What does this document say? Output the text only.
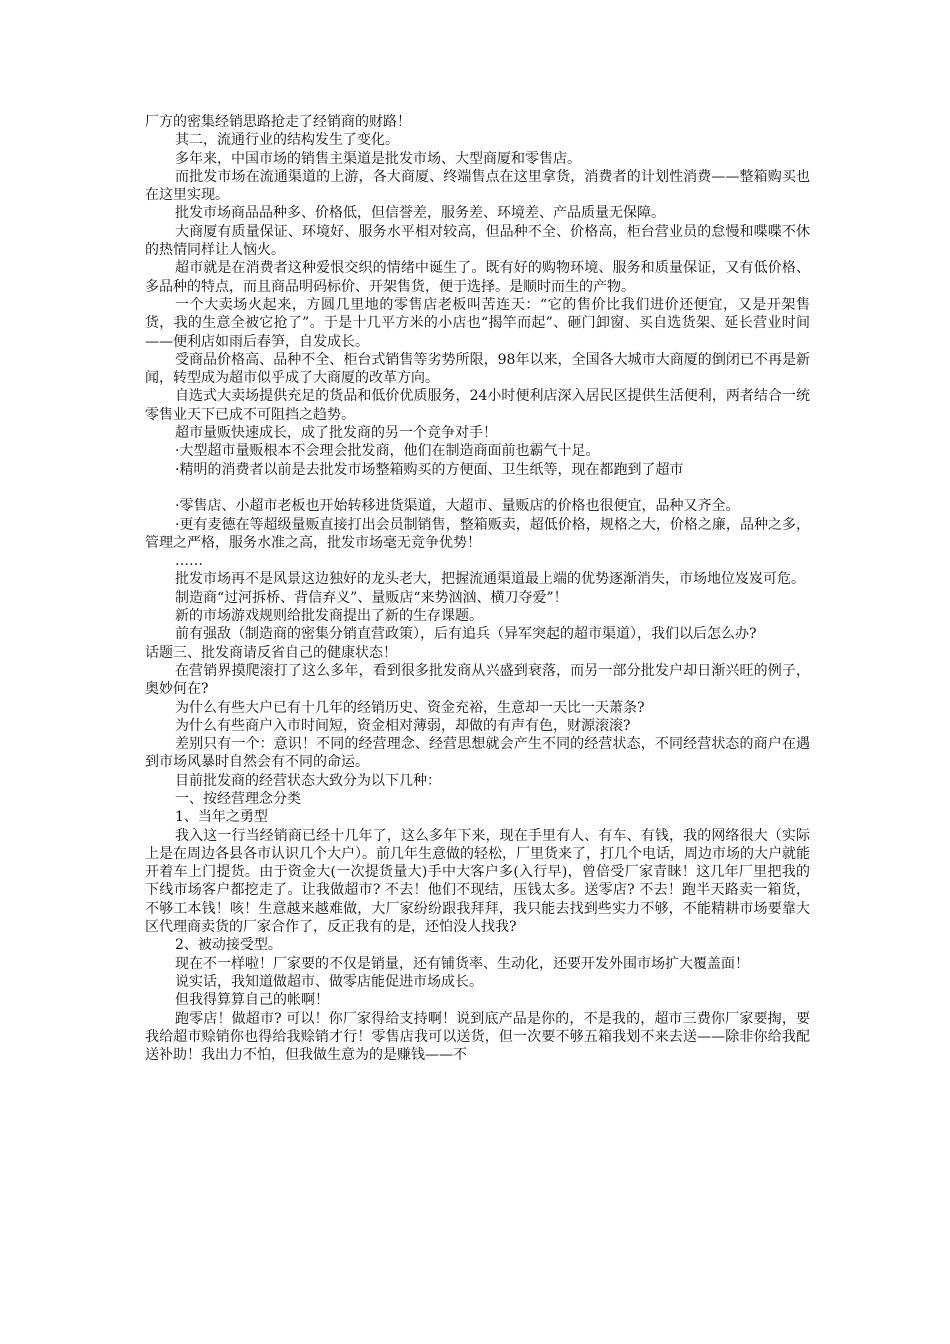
厂方的密集经销思路抢走了经销商的财路！

其二，流通行业的结构发生了变化。

多年来，中国市场的销售主渠道是批发市场、大型商厦和零售店。

而批发市场在流通渠道的上游，各大商厦、终端售点在这里拿货，消费者的计划性消费——整箱购买也在这里实现。

批发市场商品品种多、价格低，但信誉差，服务差、环境差、产品质量无保障。

大商厦有质量保证、环境好、服务水平相对较高，但品种不全、价格高，柜台营业员的怠慢和喋喋不休的热情同样让人恼火。

超市就是在消费者这种爱恨交织的情绪中诞生了。既有好的购物环境、服务和质量保证，又有低价格、多品种的特点，而且商品明码标价、开架售货，便于选择。是顺时而生的产物。

一个大卖场火起来，方圆几里地的零售店老板叫苦连天：“它的售价比我们进价还便宜，又是开架售货，我的生意全被它抢了”。于是十几平方米的小店也“揭竿而起”、砸门卸窗、买自选货架、延长营业时间——便利店如雨后春笋，自发成长。

受商品价格高、品种不全、柜台式销售等劣势所限，98年以来，全国各大城市大商厦的倒闭已不再是新闻，转型成为超市似乎成了大商厦的改革方向。

自选式大卖场提供充足的货品和低价优质服务，24小时便利店深入居民区提供生活便利，两者结合一统零售业天下已成不可阻挡之趋势。

超市量贩快速成长，成了批发商的另一个竞争对手！

·大型超市量贩根本不会理会批发商，他们在制造商面前也霸气十足。

·精明的消费者以前是去批发市场整箱购买的方便面、卫生纸等，现在都跑到了超市

·零售店、小超市老板也开始转移进货渠道，大超市、量贩店的价格也很便宜，品种又齐全。

·更有麦德在等超级量贩直接打出会员制销售，整箱贩卖，超低价格，规格之大，价格之廉，品种之多，管理之严格，服务水准之高，批发市场毫无竞争优势！

……

批发市场再不是风景这边独好的龙头老大，把握流通渠道最上端的优势逐渐消失，市场地位岌岌可危。

制造商“过河拆桥、背信弃义”、量贩店“来势汹汹、横刀夺爱”！

新的市场游戏规则给批发商提出了新的生存课题。

前有强敌（制造商的密集分销直营政策），后有追兵（异军突起的超市渠道），我们以后怎么办?

话题三、批发商请反省自己的健康状态！

在营销界摸爬滚打了这么多年，看到很多批发商从兴盛到衰落，而另一部分批发户却日渐兴旺的例子，奥妙何在?

为什么有些大户已有十几年的经销历史、资金充裕，生意却一天比一天萧条?

为什么有些商户入市时间短，资金相对薄弱，却做的有声有色，财源滚滚?

差别只有一个：意识！不同的经营理念、经营思想就会产生不同的经营状态，不同经营状态的商户在遇到市场风暴时自然会有不同的命运。

目前批发商的经营状态大致分为以下几种：

一、按经营理念分类

1、当年之勇型

我入这一行当经销商已经十几年了，这么多年下来，现在手里有人、有车、有钱，我的网络很大（实际上是在周边各县各市认识几个大户）。前几年生意做的轻松，厂里货来了，打几个电话，周边市场的大户就能开着车上门提货。由于资金大(一次提货量大)手中大客户多(入行早)，曾倍受厂家青睐！这几年厂里把我的下线市场客户都挖走了。让我做超市? 不去！他们不现结，压钱太多。送零店? 不去！跑半天路卖一箱货，不够工本钱！咳！生意越来越难做，大厂家纷纷跟我拜拜，我只能去找到些实力不够，不能精耕市场要靠大区代理商卖货的厂家合作了，反正我有的是，还怕没人找我?

2、被动接受型。

现在不一样啦！厂家要的不仅是销量，还有铺货率、生动化，还要开发外围市场扩大覆盖面！

说实话，我知道做超市、做零店能促进市场成长。

但我得算算自己的帐啊！

跑零店！做超市? 可以！你厂家得给支持啊！说到底产品是你的，不是我的，超市三费你厂家要掏，要我给超市赊销你也得给我赊销才行！零售店我可以送货，但一次要不够五箱我划不来去送——除非你给我配送补助！我出力不怕，但我做生意为的是赚钱——不
